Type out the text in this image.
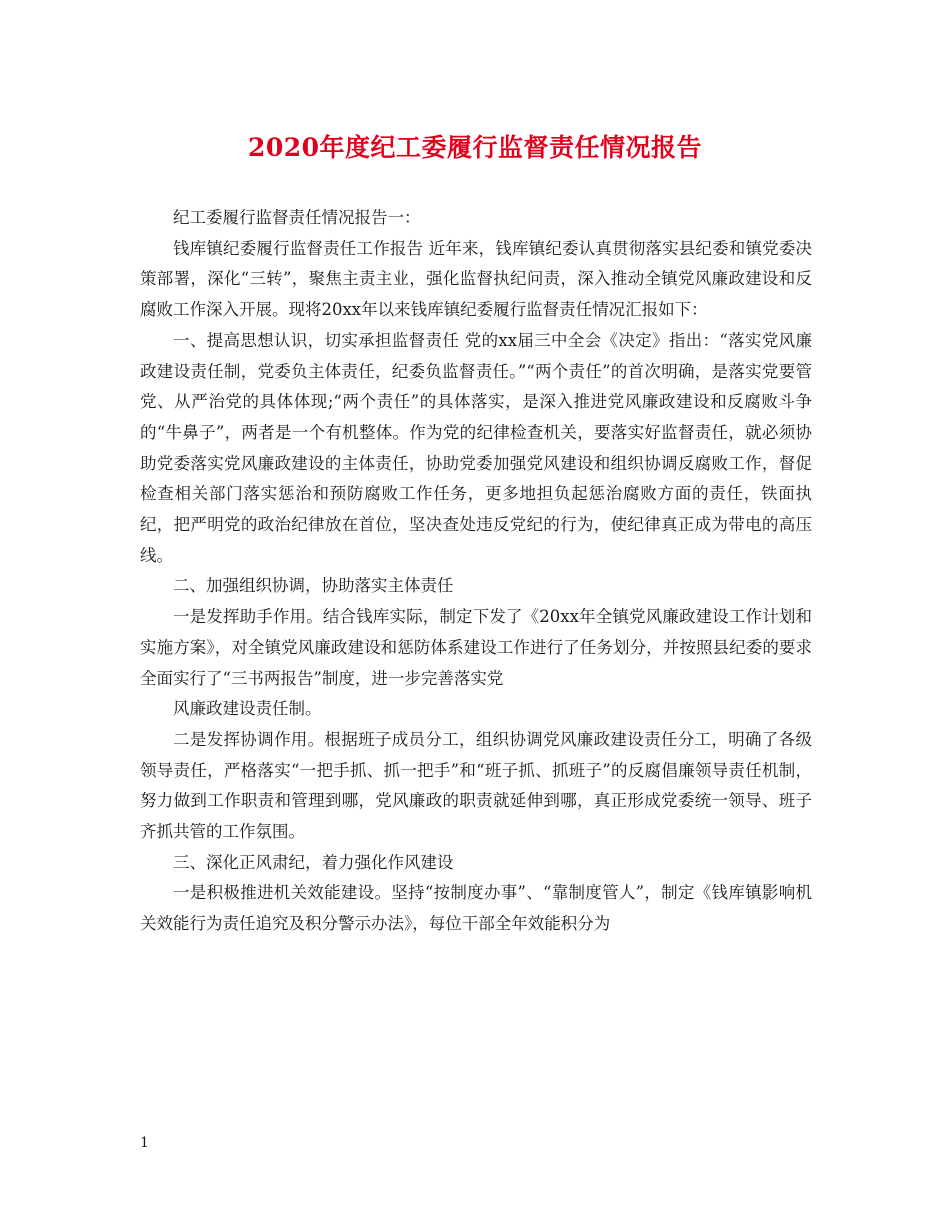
2020年度纪工委履行监督责任情况报告

纪工委履行监督责任情况报告一：

钱库镇纪委履行监督责任工作报告 近年来，钱库镇纪委认真贯彻落实县纪委和镇党委决策部署，深化“三转”，聚焦主责主业，强化监督执纪问责，深入推动全镇党风廉政建设和反腐败工作深入开展。现将20xx年以来钱库镇纪委履行监督责任情况汇报如下：

一、提高思想认识，切实承担监督责任 党的xx届三中全会《决定》指出：“落实党风廉政建设责任制，党委负主体责任，纪委负监督责任。”“两个责任”的首次明确，是落实党要管党、从严治党的具体体现;“两个责任”的具体落实，是深入推进党风廉政建设和反腐败斗争的“牛鼻子”，两者是一个有机整体。作为党的纪律检查机关，要落实好监督责任，就必须协助党委落实党风廉政建设的主体责任，协助党委加强党风建设和组织协调反腐败工作，督促检查相关部门落实惩治和预防腐败工作任务，更多地担负起惩治腐败方面的责任，铁面执纪，把严明党的政治纪律放在首位，坚决查处违反党纪的行为，使纪律真正成为带电的高压线。

二、加强组织协调，协助落实主体责任

一是发挥助手作用。结合钱库实际，制定下发了《20xx年全镇党风廉政建设工作计划和实施方案》，对全镇党风廉政建设和惩防体系建设工作进行了任务划分，并按照县纪委的要求全面实行了“三书两报告”制度，进一步完善落实党

风廉政建设责任制。

二是发挥协调作用。根据班子成员分工，组织协调党风廉政建设责任分工，明确了各级领导责任，严格落实“一把手抓、抓一把手”和“班子抓、抓班子”的反腐倡廉领导责任机制，努力做到工作职责和管理到哪，党风廉政的职责就延伸到哪，真正形成党委统一领导、班子齐抓共管的工作氛围。

三、深化正风肃纪，着力强化作风建设

一是积极推进机关效能建设。坚持“按制度办事”、“靠制度管人”，制定《钱库镇影响机关效能行为责任追究及积分警示办法》，每位干部全年效能积分为

1
